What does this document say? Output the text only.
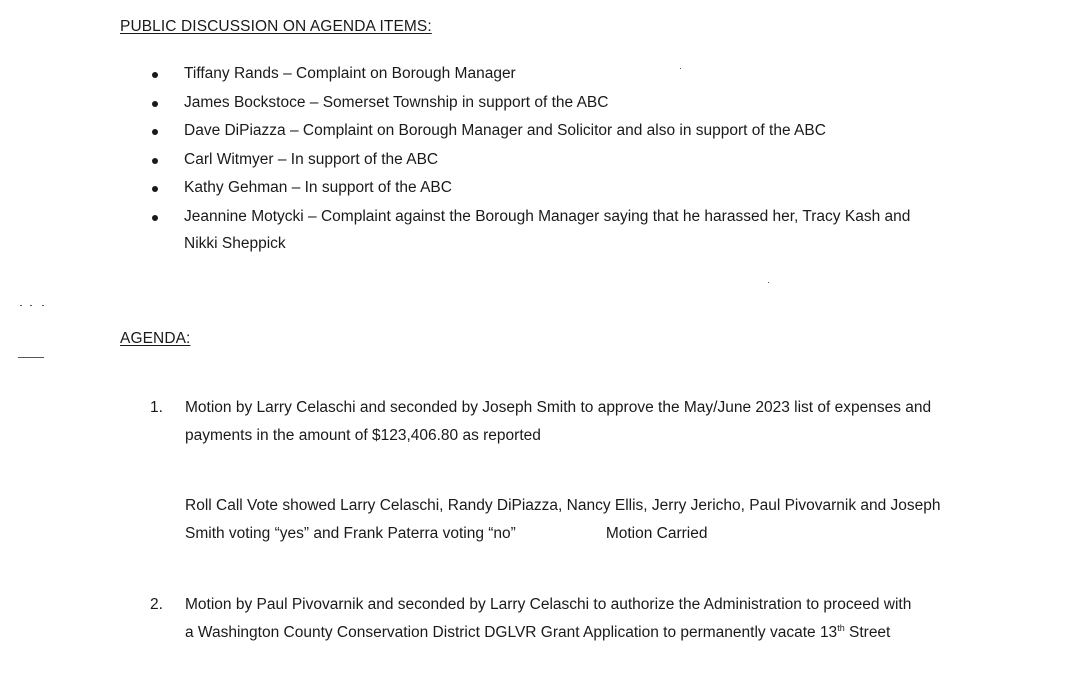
PUBLIC DISCUSSION ON AGENDA ITEMS:
Tiffany Rands – Complaint on Borough Manager
James Bockstoce – Somerset Township in support of the ABC
Dave DiPiazza – Complaint on Borough Manager and Solicitor and also in support of the ABC
Carl Witmyer – In support of the ABC
Kathy Gehman – In support of the ABC
Jeannine Motycki – Complaint against the Borough Manager saying that he harassed her, Tracy Kash and Nikki Sheppick
AGENDA:
1. Motion by Larry Celaschi and seconded by Joseph Smith to approve the May/June 2023 list of expenses and payments in the amount of $123,406.80 as reported
Roll Call Vote showed Larry Celaschi, Randy DiPiazza, Nancy Ellis, Jerry Jericho, Paul Pivovarnik and Joseph Smith voting “yes” and Frank Paterra voting “no”	Motion Carried
2. Motion by Paul Pivovarnik and seconded by Larry Celaschi to authorize the Administration to proceed with a Washington County Conservation District DGLVR Grant Application to permanently vacate 13th Street
